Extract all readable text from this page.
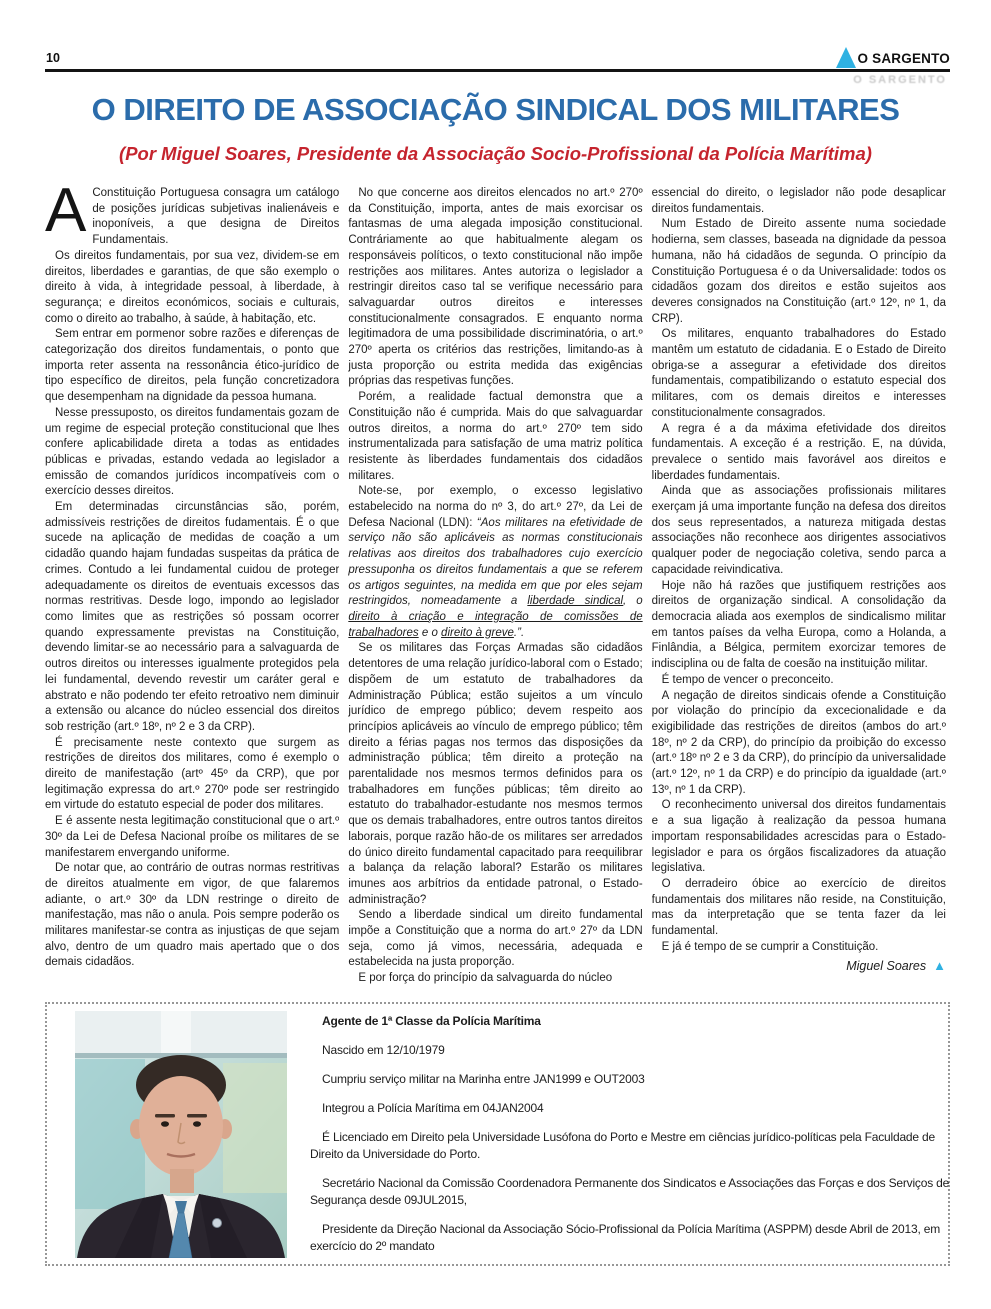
10	O SARGENTO
O SARGENTO
O DIREITO DE ASSOCIAÇÃO SINDICAL DOS MILITARES
(Por Miguel Soares, Presidente da Associação Socio-Profissional da Polícia Marítima)

A Constituição Portuguesa consagra um catálogo de posições jurídicas subjetivas inalienáveis e inoponíveis, a que designa de Direitos Fundamentais.

Os direitos fundamentais, por sua vez, dividem-se em direitos, liberdades e garantias, de que são exemplo o direito à vida, à integridade pessoal, à liberdade, à segurança; e direitos económicos, sociais e culturais, como o direito ao trabalho, à saúde, à habitação, etc.

Sem entrar em pormenor sobre razões e diferenças de categorização dos direitos fundamentais, o ponto que importa reter assenta na ressonância ético-jurídico de tipo específico de direitos, pela função concretizadora que desempenham na dignidade da pessoa humana.

Nesse pressuposto, os direitos fundamentais gozam de um regime de especial proteção constitucional que lhes confere aplicabilidade direta a todas as entidades públicas e privadas, estando vedada ao legislador a emissão de comandos jurídicos incompatíveis com o exercício desses direitos.

Em determinadas circunstâncias são, porém, admissíveis restrições de direitos fudamentais. É o que sucede na aplicação de medidas de coação a um cidadão quando hajam fundadas suspeitas da prática de crimes. Contudo a lei fundamental cuidou de proteger adequadamente os direitos de eventuais excessos das normas restritivas. Desde logo, impondo ao legislador como limites que as restrições só possam ocorrer quando expressamente previstas na Constituição, devendo limitar-se ao necessário para a salvaguarda de outros direitos ou interesses igualmente protegidos pela lei fundamental, devendo revestir um caráter geral e abstrato e não podendo ter efeito retroativo nem diminuir a extensão ou alcance do núcleo essencial dos direitos sob restrição (art.º 18º, nº 2 e 3 da CRP).

É precisamente neste contexto que surgem as restrições de direitos dos militares, como é exemplo o direito de manifestação (artº 45º da CRP), que por legitimação expressa do art.º 270º pode ser restringido em virtude do estatuto especial de poder dos militares.

E é assente nesta legitimação constitucional que o art.º 30º da Lei de Defesa Nacional proíbe os militares de se manifestarem envergando uniforme.

De notar que, ao contrário de outras normas restritivas de direitos atualmente em vigor, de que falaremos adiante, o art.º 30º da LDN restringe o direito de manifestação, mas não o anula. Pois sempre poderão os militares manifestar-se contra as injustiças de que sejam alvo, dentro de um quadro mais apertado que o dos demais cidadãos.

No que concerne aos direitos elencados no art.º 270º da Constituição, importa, antes de mais exorcisar os fantasmas de uma alegada imposição constitucional. Contráriamente ao que habitualmente alegam os responsáveis políticos, o texto constitucional não impõe restrições aos militares. Antes autoriza o legislador a restringir direitos caso tal se verifique necessário para salvaguardar outros direitos e interesses constitucionalmente consagrados. E enquanto norma legitimadora de uma possibilidade discriminatória, o art.º 270º aperta os critérios das restrições, limitando-as à justa proporção ou estrita medida das exigências próprias das respetivas funções.

Porém, a realidade factual demonstra que a Constituição não é cumprida. Mais do que salvaguardar outros direitos, a norma do art.º 270º tem sido instrumentalizada para satisfação de uma matriz política resistente às liberdades fundamentais dos cidadãos militares.

Note-se, por exemplo, o excesso legislativo estabelecido na norma do nº 3, do art.º 27º, da Lei de Defesa Nacional (LDN): “Aos militares na efetividade de serviço não são aplicáveis as normas constitucionais relativas aos direitos dos trabalhadores cujo exercício pressuponha os direitos fundamentais a que se referem os artigos seguintes, na medida em que por eles sejam restringidos, nomeadamente a liberdade sindical, o direito à criação e integração de comissões de trabalhadores e o direito à greve.”.

Se os militares das Forças Armadas são cidadãos detentores de uma relação jurídico-laboral com o Estado; dispõem de um estatuto de trabalhadores da Administração Pública; estão sujeitos a um vínculo jurídico de emprego público; devem respeito aos princípios aplicáveis ao vínculo de emprego público; têm direito a férias pagas nos termos das disposições da administração pública; têm direito a proteção na parentalidade nos mesmos termos definidos para os trabalhadores em funções públicas; têm direito ao estatuto do trabalhador-estudante nos mesmos termos que os demais trabalhadores, entre outros tantos direitos laborais, porque razão hão-de os militares ser arredados do único direito fundamental capacitado para reequilibrar a balança da relação laboral? Estarão os militares imunes aos arbítrios da entidade patronal, o Estado-administração?

Sendo a liberdade sindical um direito fundamental impõe a Constituição que a norma do art.º 27º da LDN seja, como já vimos, necessária, adequada e estabelecida na justa proporção.

E por força do princípio da salvaguarda do núcleo

essencial do direito, o legislador não pode desaplicar direitos fundamentais.

Num Estado de Direito assente numa sociedade hodierna, sem classes, baseada na dignidade da pessoa humana, não há cidadãos de segunda. O princípio da Constituição Portuguesa é o da Universalidade: todos os cidadãos gozam dos direitos e estão sujeitos aos deveres consignados na Constituição (art.º 12º, nº 1, da CRP).

Os militares, enquanto trabalhadores do Estado mantêm um estatuto de cidadania. E o Estado de Direito obriga-se a assegurar a efetividade dos direitos fundamentais, compatibilizando o estatuto especial dos militares, com os demais direitos e interesses constitucionalmente consagrados.

A regra é a da máxima efetividade dos direitos fundamentais. A exceção é a restrição. E, na dúvida, prevalece o sentido mais favorável aos direitos e liberdades fundamentais.

Ainda que as associações profissionais militares exerçam já uma importante função na defesa dos direitos dos seus representados, a natureza mitigada destas associações não reconhece aos dirigentes associativos qualquer poder de negociação coletiva, sendo parca a capacidade reivindicativa.

Hoje não há razões que justifiquem restrições aos direitos de organização sindical. A consolidação da democracia aliada aos exemplos de sindicalismo militar em tantos países da velha Europa, como a Holanda, a Finlândia, a Bélgica, permitem exorcizar temores de indisciplina ou de falta de coesão na instituição militar.

É tempo de vencer o preconceito.

A negação de direitos sindicais ofende a Constituição por violação do princípio da excecionalidade e da exigibilidade das restrições de direitos (ambos do art.º 18º, nº 2 da CRP), do princípio da proibição do excesso (art.º 18º nº 2 e 3 da CRP), do princípio da universalidade (art.º 12º, nº 1 da CRP) e do princípio da igualdade (art.º 13º, nº 1 da CRP).

O reconhecimento universal dos direitos fundamentais e a sua ligação à realização da pessoa humana importam responsabilidades acrescidas para o Estado-legislador e para os órgãos fiscalizadores da atuação legislativa.

O derradeiro óbice ao exercício de direitos fundamentais dos militares não reside, na Constituição, mas da interpretação que se tenta fazer da lei fundamental.

E já é tempo de se cumprir a Constituição.

Miguel Soares ▲

Agente de 1ª Classe da Polícia Marítima

Nascido em 12/10/1979

Cumpriu serviço militar na Marinha entre JAN1999 e OUT2003

Integrou a Polícia Marítima em 04JAN2004

É Licenciado em Direito pela Universidade Lusófona do Porto e Mestre em ciências jurídico-políticas pela Faculdade de Direito da Universidade do Porto.

Secretário Nacional da Comissão Coordenadora Permanente dos Sindicatos e Associações das Forças e dos Serviços de Segurança desde 09JUL2015,

Presidente da Direção Nacional da Associação Sócio-Profissional da Polícia Marítima (ASPPM) desde Abril de 2013, em exercício do 2º mandato
